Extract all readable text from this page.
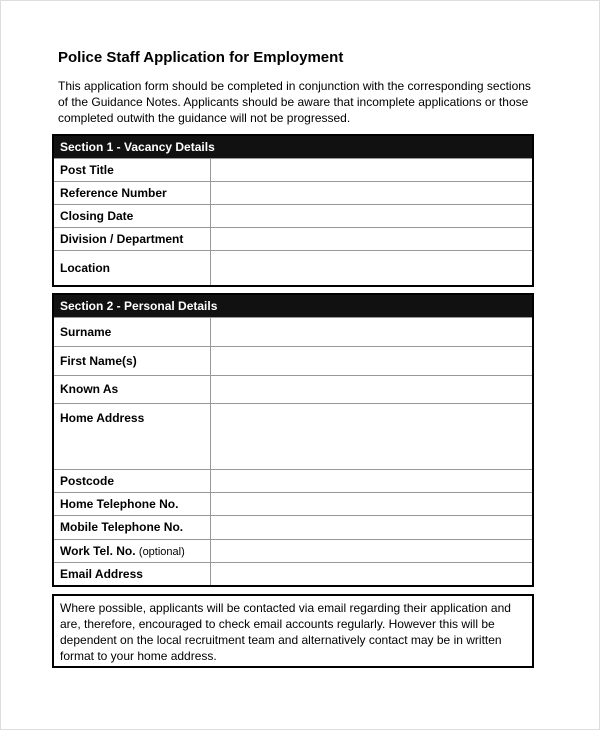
Police Staff Application for Employment
This application form should be completed in conjunction with the corresponding sections of the Guidance Notes. Applicants should be aware that incomplete applications or those completed outwith the guidance will not be progressed.
Section 1 - Vacancy Details
Post Title
Reference Number
Closing Date
Division / Department
Location
Section 2 - Personal Details
Surname
First Name(s)
Known As
Home Address
Postcode
Home Telephone No.
Mobile Telephone No.
Work Tel. No. (optional)
Email Address
Where possible, applicants will be contacted via email regarding their application and are, therefore, encouraged to check email accounts regularly. However this will be dependent on the local recruitment team and alternatively contact may be in written format to your home address.
